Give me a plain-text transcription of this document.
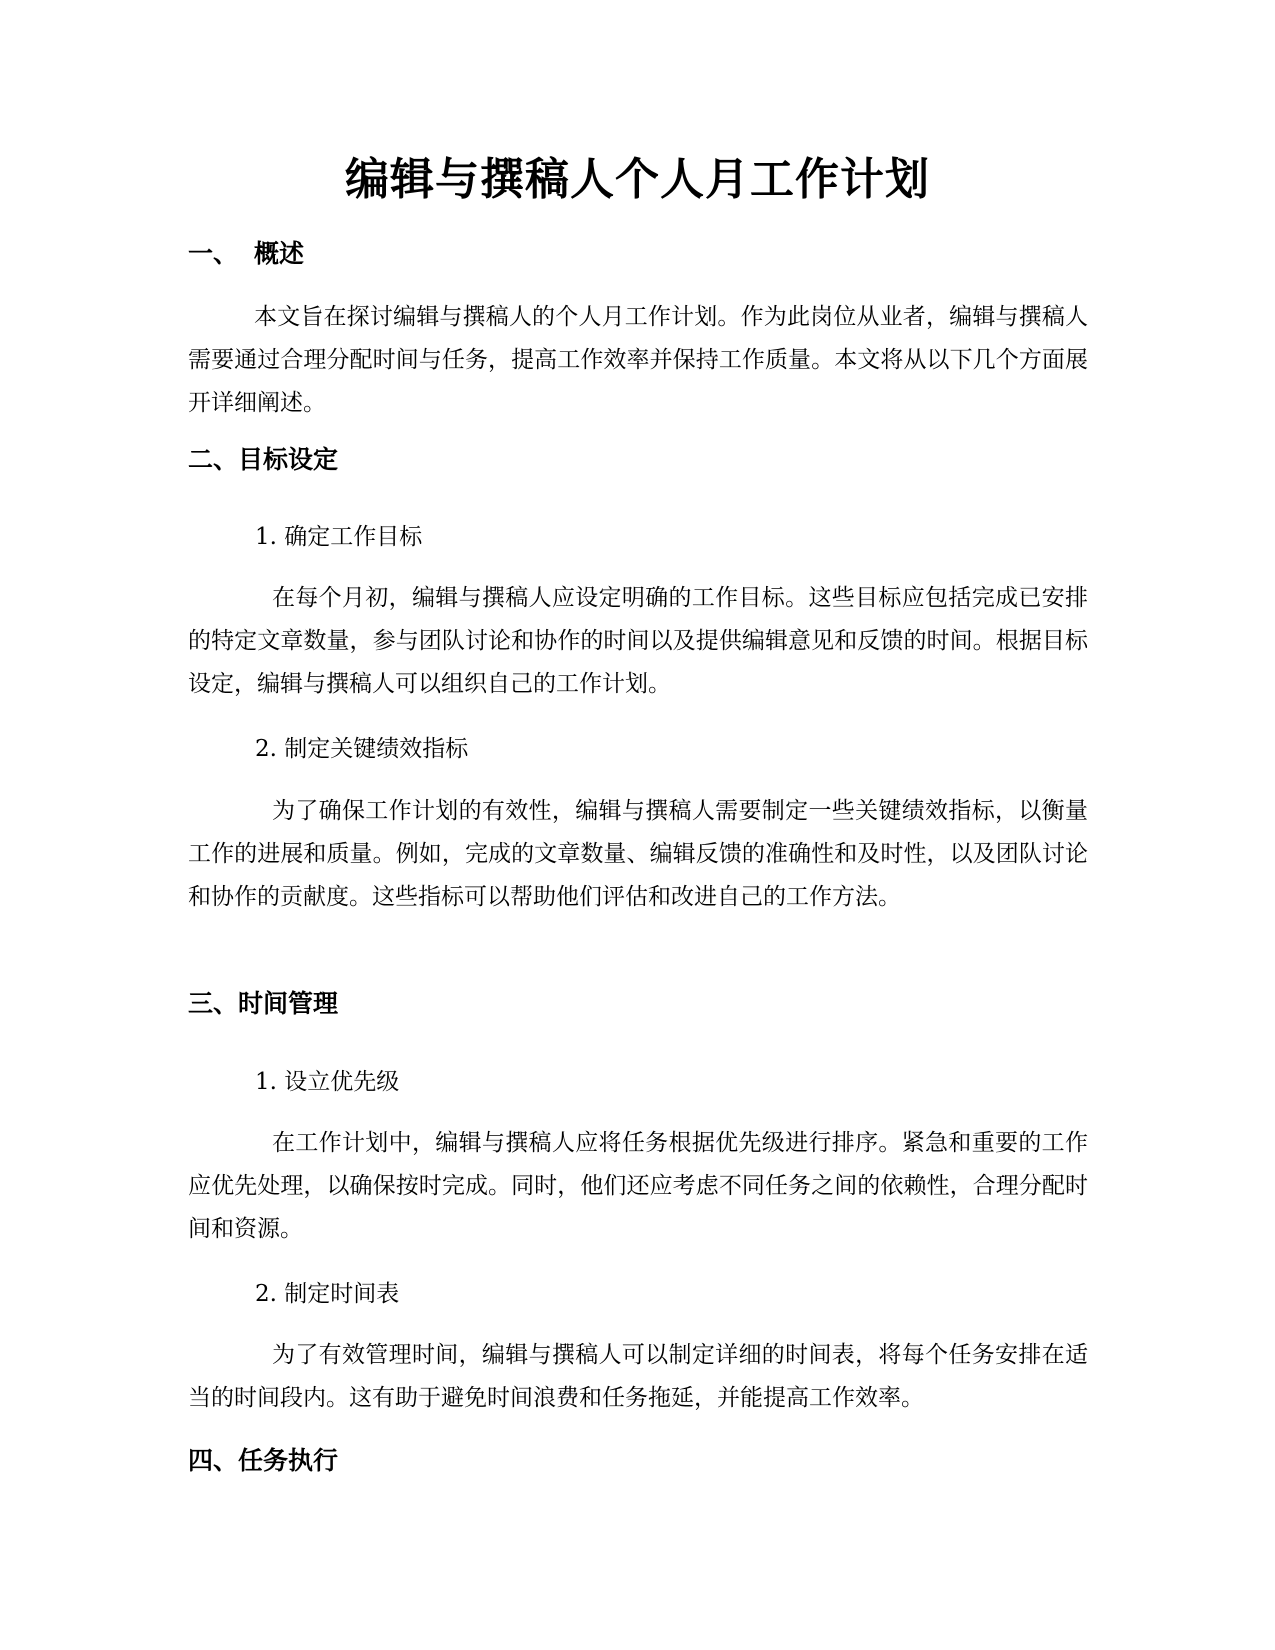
编辑与撰稿人个人月工作计划
一、 概述

本文旨在探讨编辑与撰稿人的个人月工作计划。作为此岗位从业者，编辑与撰稿人需要通过合理分配时间与任务，提高工作效率并保持工作质量。本文将从以下几个方面展开详细阐述。

二、目标设定

1. 确定工作目标

在每个月初，编辑与撰稿人应设定明确的工作目标。这些目标应包括完成已安排的特定文章数量，参与团队讨论和协作的时间以及提供编辑意见和反馈的时间。根据目标设定，编辑与撰稿人可以组织自己的工作计划。

2. 制定关键绩效指标

为了确保工作计划的有效性，编辑与撰稿人需要制定一些关键绩效指标，以衡量工作的进展和质量。例如，完成的文章数量、编辑反馈的准确性和及时性，以及团队讨论和协作的贡献度。这些指标可以帮助他们评估和改进自己的工作方法。

三、时间管理

1. 设立优先级

在工作计划中，编辑与撰稿人应将任务根据优先级进行排序。紧急和重要的工作应优先处理，以确保按时完成。同时，他们还应考虑不同任务之间的依赖性，合理分配时间和资源。

2. 制定时间表

为了有效管理时间，编辑与撰稿人可以制定详细的时间表，将每个任务安排在适当的时间段内。这有助于避免时间浪费和任务拖延，并能提高工作效率。

四、任务执行
